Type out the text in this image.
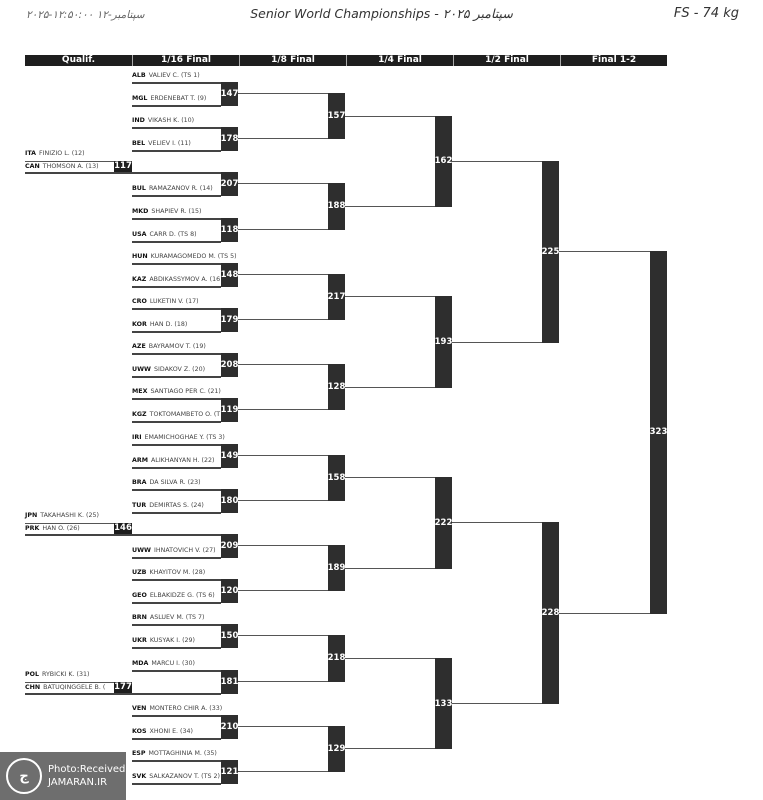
۲۰۲۵-۱۲:۵۰:۰۰ سپتامبر-۱۲	Senior World Championships - ۲۰۲۵ سپتامبر	FS - 74 kg
Qualif.	1/16 Final	1/8 Final	1/4 Final	1/2 Final	Final 1-2
ALB VALIEV C. (TS 1)
MGL ERDENEBAT T. (9)	147
IND VIKASH K. (10)
BEL VELIEV I. (11)	178
BUL RAMAZANOV R. (14) 207
MKD SHAPIEV R. (15)
USA CARR D. (TS 8)	118
HUN KURAMAGOMEDO M. (TS 5)
KAZ ABDIKASSYMOV A. (16 148
CRO LUKETIN V. (17)
KOR HAN D. (18)	179
AZE BAYRAMOV T. (19)
UWW SIDAKOV Z. (20)	208
MEX SANTIAGO PER C. (21)
KGZ TOKTOMAMBETO O. (T 119
IRI EMAMICHOGHAE Y. (TS 3)
ARM ALIKHANYAN H. (22) 149
BRA DA SILVA R. (23)
TUR DEMIRTAS S. (24)	180
UWW IHNATOVICH V. (27) 209
UZB KHAYITOV M. (28)
GEO ELBAKIDZE G. (TS 6) 120
BRN ASLUEV M. (TS 7)
UKR KUSYAK I. (29)	150
MDA MARCU I. (30)
181
VEN MONTERO CHIR A. (33)
KOS XHONI E. (34)	210
ESP MOTTAGHINIA M. (35)
SVK SALKAZANOV T. (TS 2) 121
ITA FINIZIO L. (12)
CAN THOMSON A. (13)	117
JPN TAKAHASHI K. (25)
PRK HAN O. (26)	146
POL RYBICKI K. (31)
CHN BATUQINGGELE B. (	177
157
188
217
128
158
189
218
129
162
193
222
133
225
228
323
ج	Photo:Received
JAMARAN.IR
